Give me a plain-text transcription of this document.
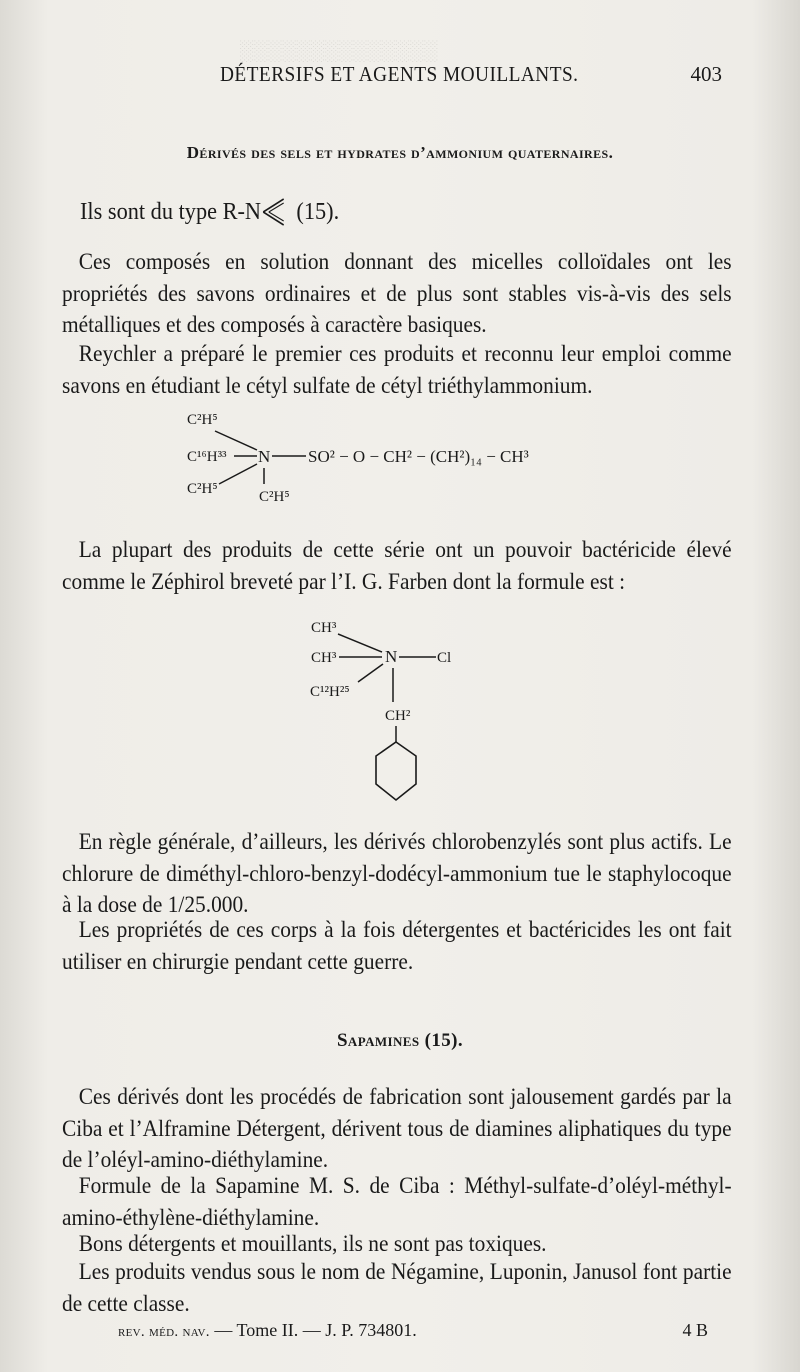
░░░░░░░░░░░░░░
DÉTERSIFS ET AGENTS MOUILLANTS.	403
Dérivés des sels et hydrates d’ammonium quaternaires.
Ils sont du type R-N (15).
Ces composés en solution donnant des micelles colloïdales ont les propriétés des savons ordinaires et de plus sont stables vis-à-vis des sels métalliques et des composés à caractère basiques.
Reychler a préparé le premier ces produits et reconnu leur emploi comme savons en étudiant le cétyl sulfate de cétyl triéthylammonium.
C²H⁵
C¹⁶H³³ N SO² − O − CH² − (CH²)₁₄ − CH³
C²H⁵	C²H⁵
La plupart des produits de cette série ont un pouvoir bactéricide élevé comme le Zéphirol breveté par l’I. G. Farben dont la formule est :
CH³
CH³	N	Cl
C¹²H²⁵
CH²
En règle générale, d’ailleurs, les dérivés chlorobenzylés sont plus actifs. Le chlorure de diméthyl-chloro-benzyl-dodécyl-ammonium tue le staphylocoque à la dose de 1/25.000.
Les propriétés de ces corps à la fois détergentes et bactéricides les ont fait utiliser en chirurgie pendant cette guerre.
Sapamines (15).
Ces dérivés dont les procédés de fabrication sont jalousement gardés par la Ciba et l’Alframine Détergent, dérivent tous de diamines aliphatiques du type de l’oléyl-amino-diéthylamine.
Formule de la Sapamine M. S. de Ciba : Méthyl-sulfate-d’oléyl-méthyl-amino-éthylène-diéthylamine.
Bons détergents et mouillants, ils ne sont pas toxiques.
Les produits vendus sous le nom de Négamine, Luponin, Janusol font partie de cette classe.
rev. méd. nav. — Tome II. — J. P. 734801.	4 B
